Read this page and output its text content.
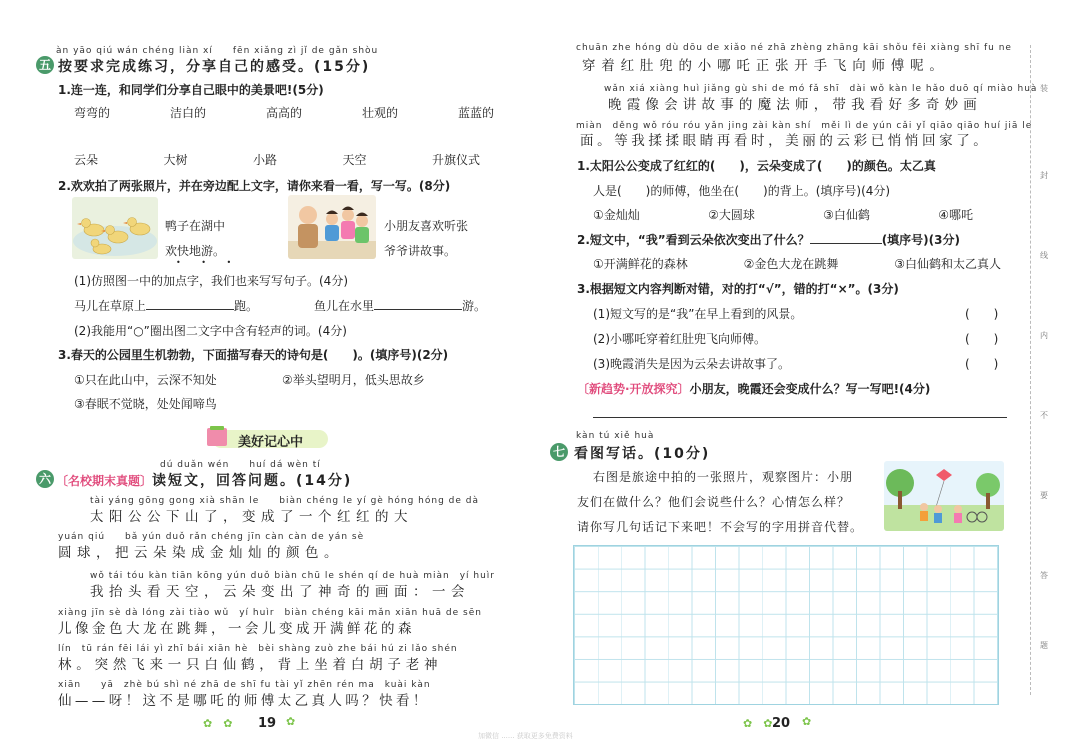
àn yāo qiú wán chéng liàn xí　　fēn xiǎng zì jǐ de gǎn shòu
五 按要求完成练习，分享自己的感受。(15分)
1.连一连，和同学们分享自己眼中的美景吧!(5分)
弯弯的	洁白的	高高的	壮观的	蓝蓝的
云朵	大树	小路	天空	升旗仪式
2.欢欢拍了两张照片，并在旁边配上文字，请你来看一看，写一写。(8分)
鸭子在湖中
欢快地游。
• • •
小朋友喜欢听张
爷爷讲故事。
(1)仿照图一中的加点字，我们也来写写句子。(4分)
马儿在草原上	跑。	鱼儿在水里	游。
(2)我能用“○”圈出图二文字中含有轻声的词。(4分)
3.春天的公园里生机勃勃，下面描写春天的诗句是(　　)。(填序号)(2分)
①只在此山中，云深不知处	②举头望明月，低头思故乡
③春眠不觉晓，处处闻啼鸟
美好记心中
dú duǎn wén　　huí dá wèn tí
六 〔名校期末真题〕读短文，回答问题。(14分)
tài yáng gōng gong xià shān le　　biàn chéng le yí gè hóng hóng de dà
太阳公公下山了，变成了一个红红的大
yuán qiú　　bǎ yún duǒ rǎn chéng jīn càn càn de yán sè
圆球，把云朵染成金灿灿的颜色。
wǒ tái tóu kàn tiān kōng yún duǒ biàn chū le shén qí de huà miàn　yí huìr
我抬头看天空，云朵变出了神奇的画面：一会
xiàng jīn sè dà lóng zài tiào wǔ　yí huìr　biàn chéng kāi mǎn xiān huā de sēn
儿像金色大龙在跳舞，一会儿变成开满鲜花的森
lín　tū rán fēi lái yì zhī bái xiān hè　bèi shàng zuò zhe bái hú zi lǎo shén
林。突然飞来一只白仙鹤，背上坐着白胡子老神
xiān　　yā　zhè bú shì né zhā de shī fu tài yǐ zhēn rén ma　kuài kàn
仙——呀！这不是哪吒的师傅太乙真人吗？快看！
✿　✿ 19 ✿
chuān zhe hóng dù dōu de xiǎo né zhā zhèng zhāng kāi shǒu fēi xiàng shī fu ne
穿着红肚兜的小哪吒正张开手飞向师傅呢。
wǎn xiá xiàng huì jiǎng gù shi de mó fǎ shī　dài wǒ kàn le hǎo duō qí miào huà
晚霞像会讲故事的魔法师，带我看好多奇妙画
miàn　děng wǒ róu róu yǎn jing zài kàn shí　měi lì de yún cǎi yǐ qiāo qiāo huí jiā le
面。等我揉揉眼睛再看时，美丽的云彩已悄悄回家了。
1.太阳公公变成了红红的(　　)，云朵变成了(　　)的颜色。太乙真
人是(　　)的师傅，他坐在(　　)的背上。(填序号)(4分)
①金灿灿	②大圆球	③白仙鹤	④哪吒
2.短文中，“我”看到云朵依次变出了什么？	(填序号)(3分)
①开满鲜花的森林	②金色大龙在跳舞	③白仙鹤和太乙真人
3.根据短文内容判断对错，对的打“√”，错的打“×”。(3分)
(1)短文写的是“我”在早上看到的风景。	(　　)
(2)小哪吒穿着红肚兜飞向师傅。	(　　)
(3)晚霞消失是因为云朵去讲故事了。	(　　)
〔新趋势·开放探究〕小朋友，晚霞还会变成什么？写一写吧!(4分)
kàn tú xiě huà
七 看图写话。(10分)
右图是旅途中拍的一张照片，观察图片：小朋
友们在做什么？他们会说些什么？心情怎么样？
请你写几句话记下来吧！不会写的字用拼音代替。
✿　✿ 20 ✿
加微信 ...... 获取更多免费资料
装
封
线
内
不
要
答
题
